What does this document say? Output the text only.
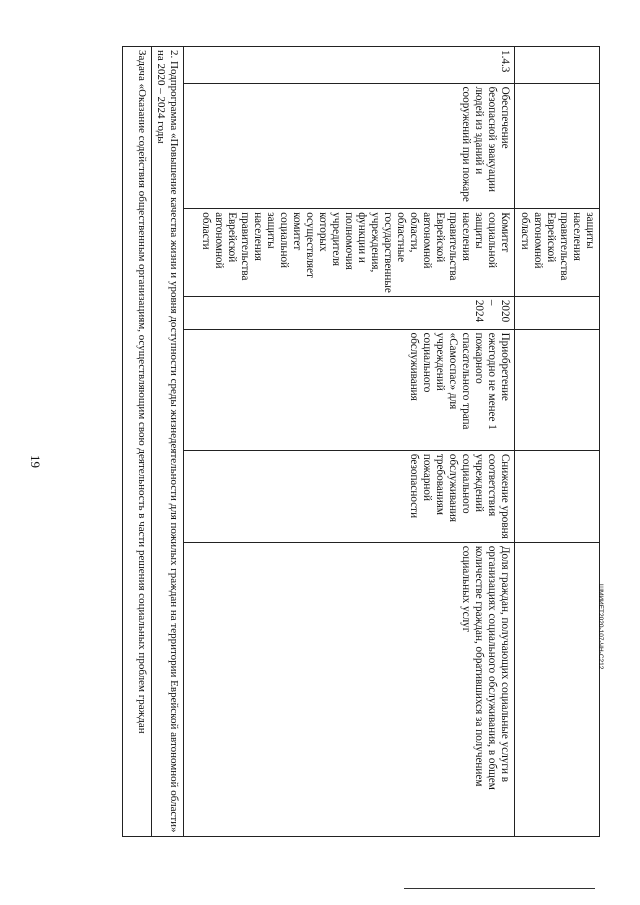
19
		защиты населения правительства Еврейской автономной области				
1.4.3	Обеспечение безопасной эвакуации людей из зданий и сооружений при пожаре	Комитет социальной защиты населения правительства Еврейской автономной области, областные государственные учреждения, функции и полномочия учредителя которых осуществляет комитет социальной защиты населения правительства Еврейской автономной области	2020 – 2024	Приобретение ежегодно не менее 1 пожарного спасательного трапа «Самоспас» для учреждений социального обслуживания	Снижение уровня соответствия учреждений социального обслуживания требованиям пожарной безопасности	Доля граждан, получающих социальные услуги в организациях социального обслуживания, в общем количестве граждан, обратившихся за получением социальных услуг
2. Подпрограмма «Повышение качества жизни и уровня доступности среды жизнедеятельности для пожилых граждан на территории Еврейской автономной области» на 2020 – 2024 годы						
Задача «Оказание содействия общественным организациям, осуществляющим свою деятельность в части решения социальных проблем граждан							ШМИИЕТ2020-107-ЧН-С212
